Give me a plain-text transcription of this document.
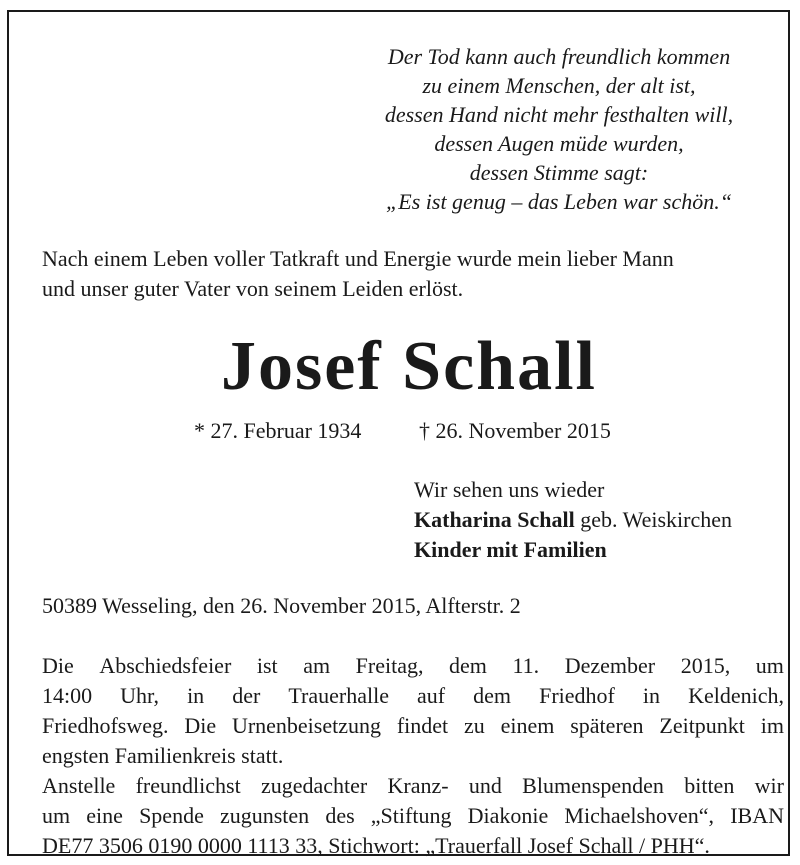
Der Tod kann auch freundlich kommen
zu einem Menschen, der alt ist,
dessen Hand nicht mehr festhalten will,
dessen Augen müde wurden,
dessen Stimme sagt:
„Es ist genug – das Leben war schön.“
Nach einem Leben voller Tatkraft und Energie wurde mein lieber Mann
und unser guter Vater von seinem Leiden erlöst.
Josef Schall
* 27. Februar 1934	† 26. November 2015
Wir sehen uns wieder
Katharina Schall geb. Weiskirchen
Kinder mit Familien
50389 Wesseling, den 26. November 2015, Alfterstr. 2
Die Abschiedsfeier ist am Freitag, dem 11. Dezember 2015, um
14:00 Uhr, in der Trauerhalle auf dem Friedhof in Keldenich,
Friedhofsweg. Die Urnenbeisetzung findet zu einem späteren Zeitpunkt im
engsten Familienkreis statt.
Anstelle freundlichst zugedachter Kranz- und Blumenspenden bitten wir
um eine Spende zugunsten des „Stiftung Diakonie Michaelshoven“, IBAN
DE77 3506 0190 0000 1113 33, Stichwort: „Trauerfall Josef Schall / PHH“.
